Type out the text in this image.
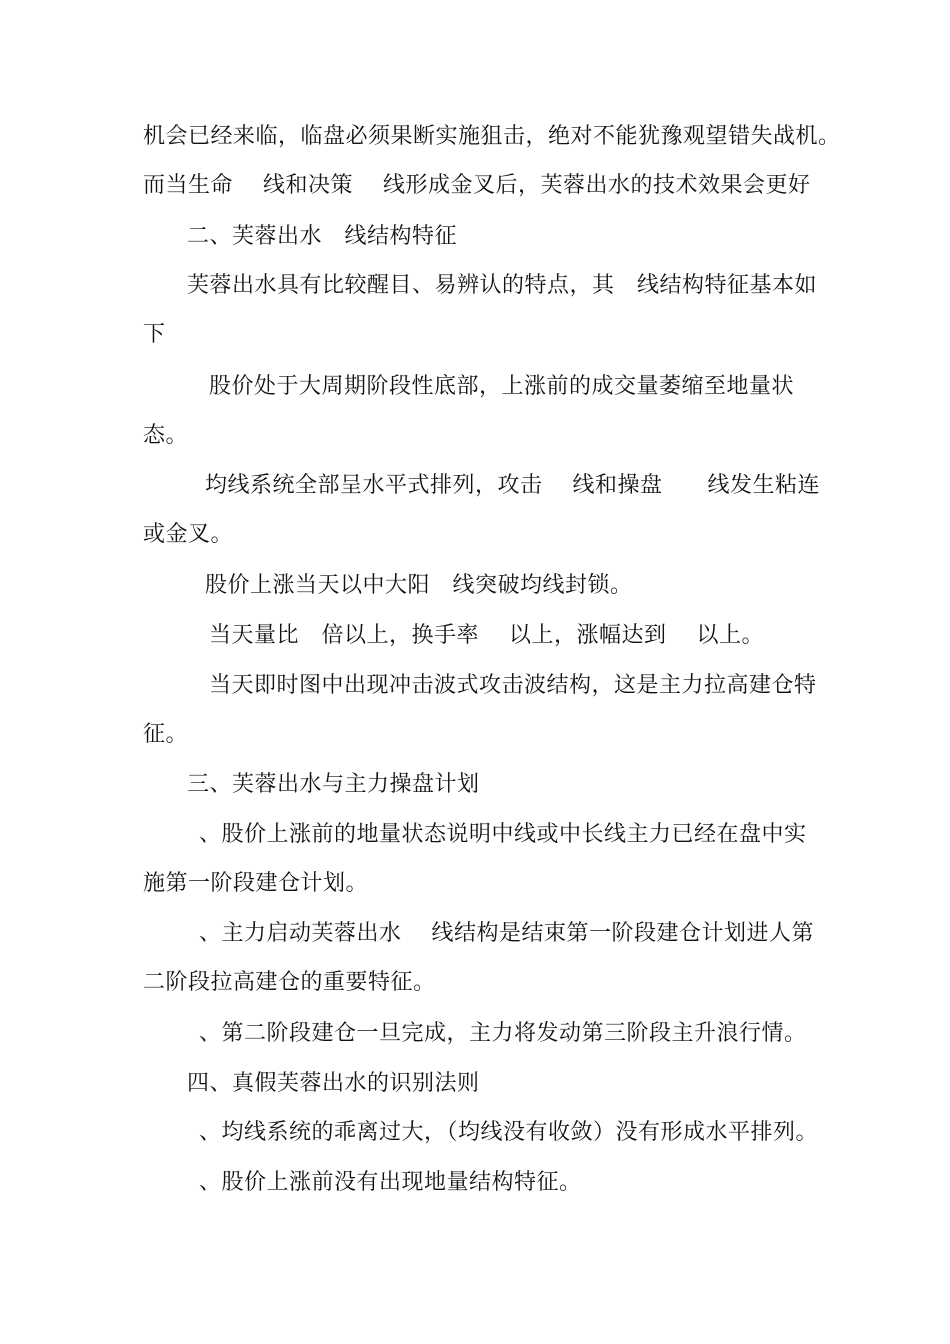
机会已经来临，临盘必须果断实施狙击，绝对不能犹豫观望错失战机。
而当生命　 线和决策　 线形成金叉后，芙蓉出水的技术效果会更好
二、芙蓉出水　线结构特征
芙蓉出水具有比较醒目、易辨认的特点，其　线结构特征基本如
下
股价处于大周期阶段性底部，上涨前的成交量萎缩至地量状
态。
均线系统全部呈水平式排列，攻击　 线和操盘　　线发生粘连
或金叉。
股价上涨当天以中大阳　线突破均线封锁。
当天量比　倍以上，换手率　 以上，涨幅达到　 以上。
当天即时图中出现冲击波式攻击波结构，这是主力拉高建仓特
征。
三、芙蓉出水与主力操盘计划
、股价上涨前的地量状态说明中线或中长线主力已经在盘中实
施第一阶段建仓计划。
、主力启动芙蓉出水　 线结构是结束第一阶段建仓计划进人第
二阶段拉高建仓的重要特征。
、第二阶段建仓一旦完成，主力将发动第三阶段主升浪行情。
四、真假芙蓉出水的识别法则
、均线系统的乖离过大，（均线没有收敛）没有形成水平排列。
、股价上涨前没有出现地量结构特征。
